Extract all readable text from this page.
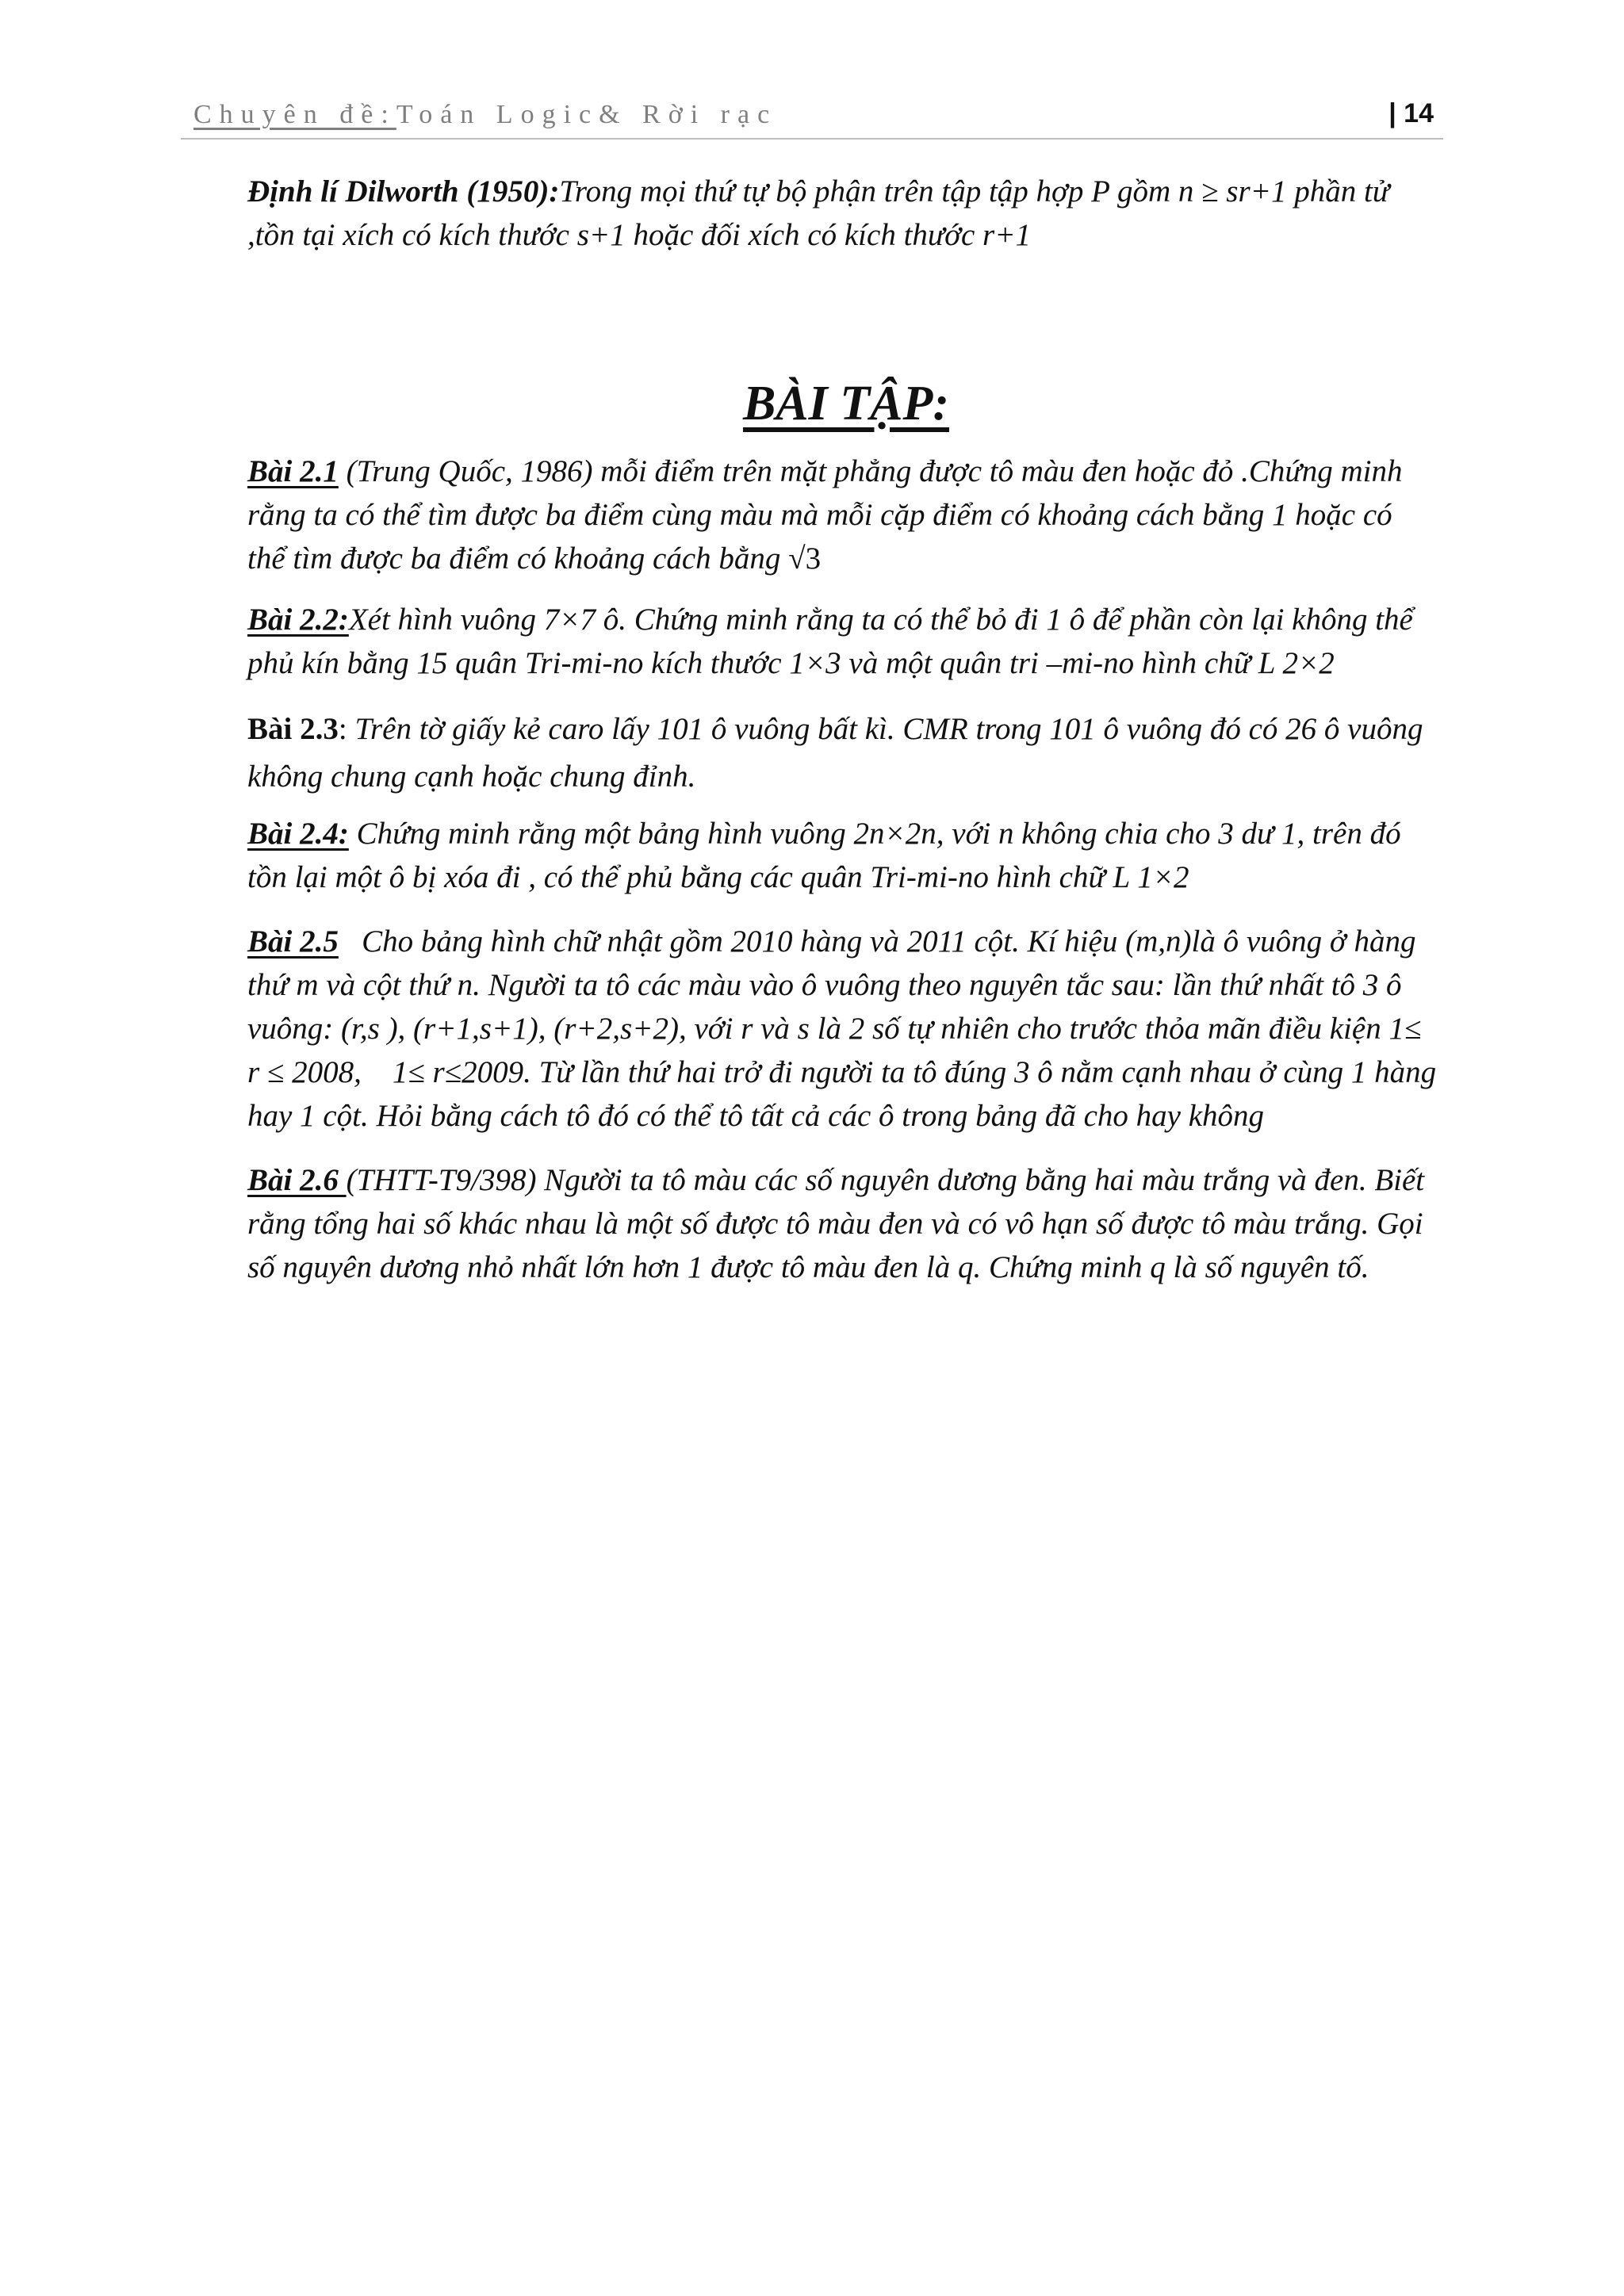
Chuyên đề:Toán Logic& Rời rạc	| 14

Định lí Dilworth (1950):Trong mọi thứ tự bộ phận trên tập tập hợp P gồm n ≥ sr+1 phần tử ,tồn tại xích có kích thước s+1 hoặc đối xích có kích thước r+1

BÀI TẬP:

Bài 2.1 (Trung Quốc, 1986) mỗi điểm trên mặt phẳng được tô màu đen hoặc đỏ .Chứng minh rằng ta có thể tìm được ba điểm cùng màu mà mỗi cặp điểm có khoảng cách bằng 1 hoặc có thể tìm được ba điểm có khoảng cách bằng √3

Bài 2.2:Xét hình vuông 7×7 ô. Chứng minh rằng ta có thể bỏ đi 1 ô để phần còn lại không thể phủ kín bằng 15 quân Tri-mi-no kích thước 1×3 và một quân tri –mi-no hình chữ L 2×2

Bài 2.3: Trên tờ giấy kẻ caro lấy 101 ô vuông bất kì. CMR trong 101 ô vuông đó có 26 ô vuông không chung cạnh hoặc chung đỉnh.

Bài 2.4: Chứng minh rằng một bảng hình vuông 2n×2n, với n không chia cho 3 dư 1, trên đó tồn lại một ô bị xóa đi , có thể phủ bằng các quân Tri-mi-no hình chữ L 1×2

Bài 2.5   Cho bảng hình chữ nhật gồm 2010 hàng và 2011 cột. Kí hiệu (m,n)là ô vuông ở hàng thứ m và cột thứ n. Người ta tô các màu vào ô vuông theo nguyên tắc sau: lần thứ nhất tô 3 ô vuông: (r,s ), (r+1,s+1), (r+2,s+2), với r và s là 2 số tự nhiên cho trước thỏa mãn điều kiện 1≤ r ≤ 2008,    1≤ r≤2009. Từ lần thứ hai trở đi người ta tô đúng 3 ô nằm cạnh nhau ở cùng 1 hàng hay 1 cột. Hỏi bằng cách tô đó có thể tô tất cả các ô trong bảng đã cho hay không

Bài 2.6 (THTT-T9/398) Người ta tô màu các số nguyên dương bằng hai màu trắng và đen. Biết rằng tổng hai số khác nhau là một số được tô màu đen và có vô hạn số được tô màu trắng. Gọi số nguyên dương nhỏ nhất lớn hơn 1 được tô màu đen là q. Chứng minh q là số nguyên tố.
